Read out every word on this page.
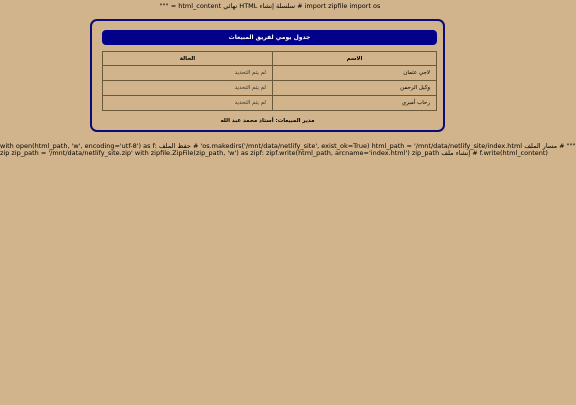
""" = html_content نهائي HTML سلسلة إنشاء # import zipfile import os
جدول يومي لفريق المبيعات
الاسم	الحالة
لاجي عثمان	لم يتم التحديد
وكيل الرحمن	لم يتم التحديد
رحاب أمبري	لم يتم التحديد
مدير المبيعات: أستاذ محمد عبد الله
with open(html_path, 'w', encoding='utf-8') as f: حفظ الملف # 'os.makedirs('/mnt/data/netlify_site', exist_ok=True) html_path = '/mnt/data/netlify_site/index.html مسار الملف # """
zip zip_path = '/mnt/data/netlify_site.zip' with zipfile.ZipFile(zip_path, 'w') as zipf: zipf.write(html_path, arcname='index.html') zip_path إنشاء ملف # f.write(html_content)
